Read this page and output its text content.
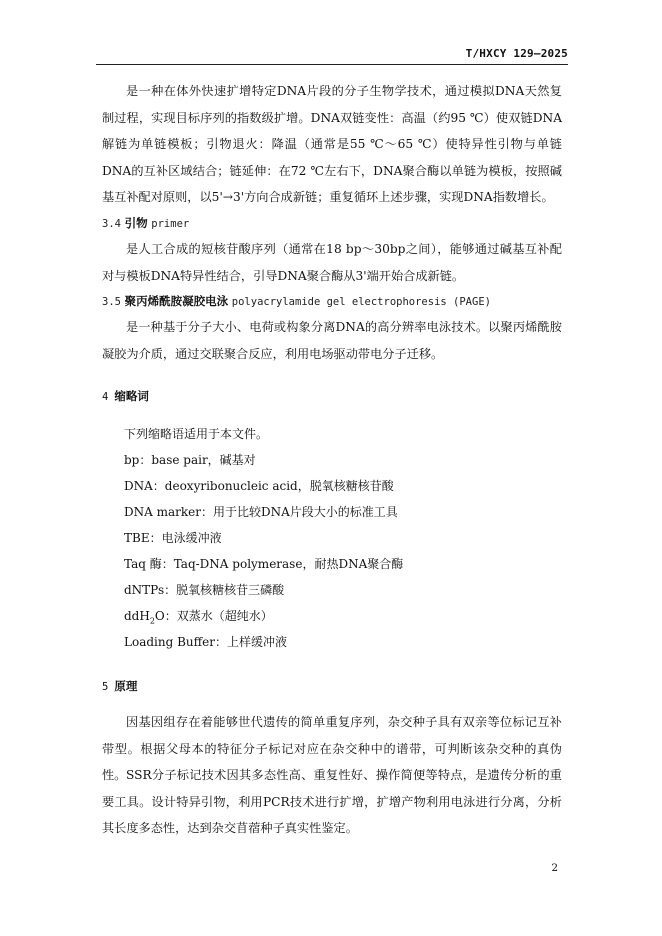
T/HXCY 129—2025

是一种在体外快速扩增特定DNA片段的分子生物学技术，通过模拟DNA天然复制过程，实现目标序列的指数级扩增。DNA双链变性：高温（约95 ℃）使双链DNA解链为单链模板；引物退火：降温（通常是55 ℃～65 ℃）使特异性引物与单链DNA的互补区域结合；链延伸：在72 ℃左右下，DNA聚合酶以单链为模板，按照碱基互补配对原则，以5'→3'方向合成新链；重复循环上述步骤，实现DNA指数增长。

3.4 引物 primer

是人工合成的短核苷酸序列（通常在18 bp～30bp之间），能够通过碱基互补配对与模板DNA特异性结合，引导DNA聚合酶从3'端开始合成新链。

3.5 聚丙烯酰胺凝胶电泳 polyacrylamide gel electrophoresis (PAGE)

是一种基于分子大小、电荷或构象分离DNA的高分辨率电泳技术。以聚丙烯酰胺凝胶为介质，通过交联聚合反应，利用电场驱动带电分子迁移。

4 缩略词
下列缩略语适用于本文件。
bp：base pair，碱基对
DNA：deoxyribonucleic acid，脱氧核糖核苷酸
DNA marker：用于比较DNA片段大小的标准工具
TBE：电泳缓冲液
Taq 酶：Taq-DNA polymerase，耐热DNA聚合酶
dNTPs：脱氧核糖核苷三磷酸
ddH$_2$O：双蒸水（超纯水）
Loading Buffer：上样缓冲液
5 原理

因基因组存在着能够世代遗传的简单重复序列，杂交种子具有双亲等位标记互补带型。根据父母本的特征分子标记对应在杂交种中的谱带，可判断该杂交种的真伪性。 SSR分子标记技术因其多态性高、重复性好、操作简便等特点，是遗传分析的重要工具。设计特异引物，利用PCR技术进行扩增，扩增产物利用电泳进行分离，分析其长度多态性，达到杂交苜蓿种子真实性鉴定。

2
